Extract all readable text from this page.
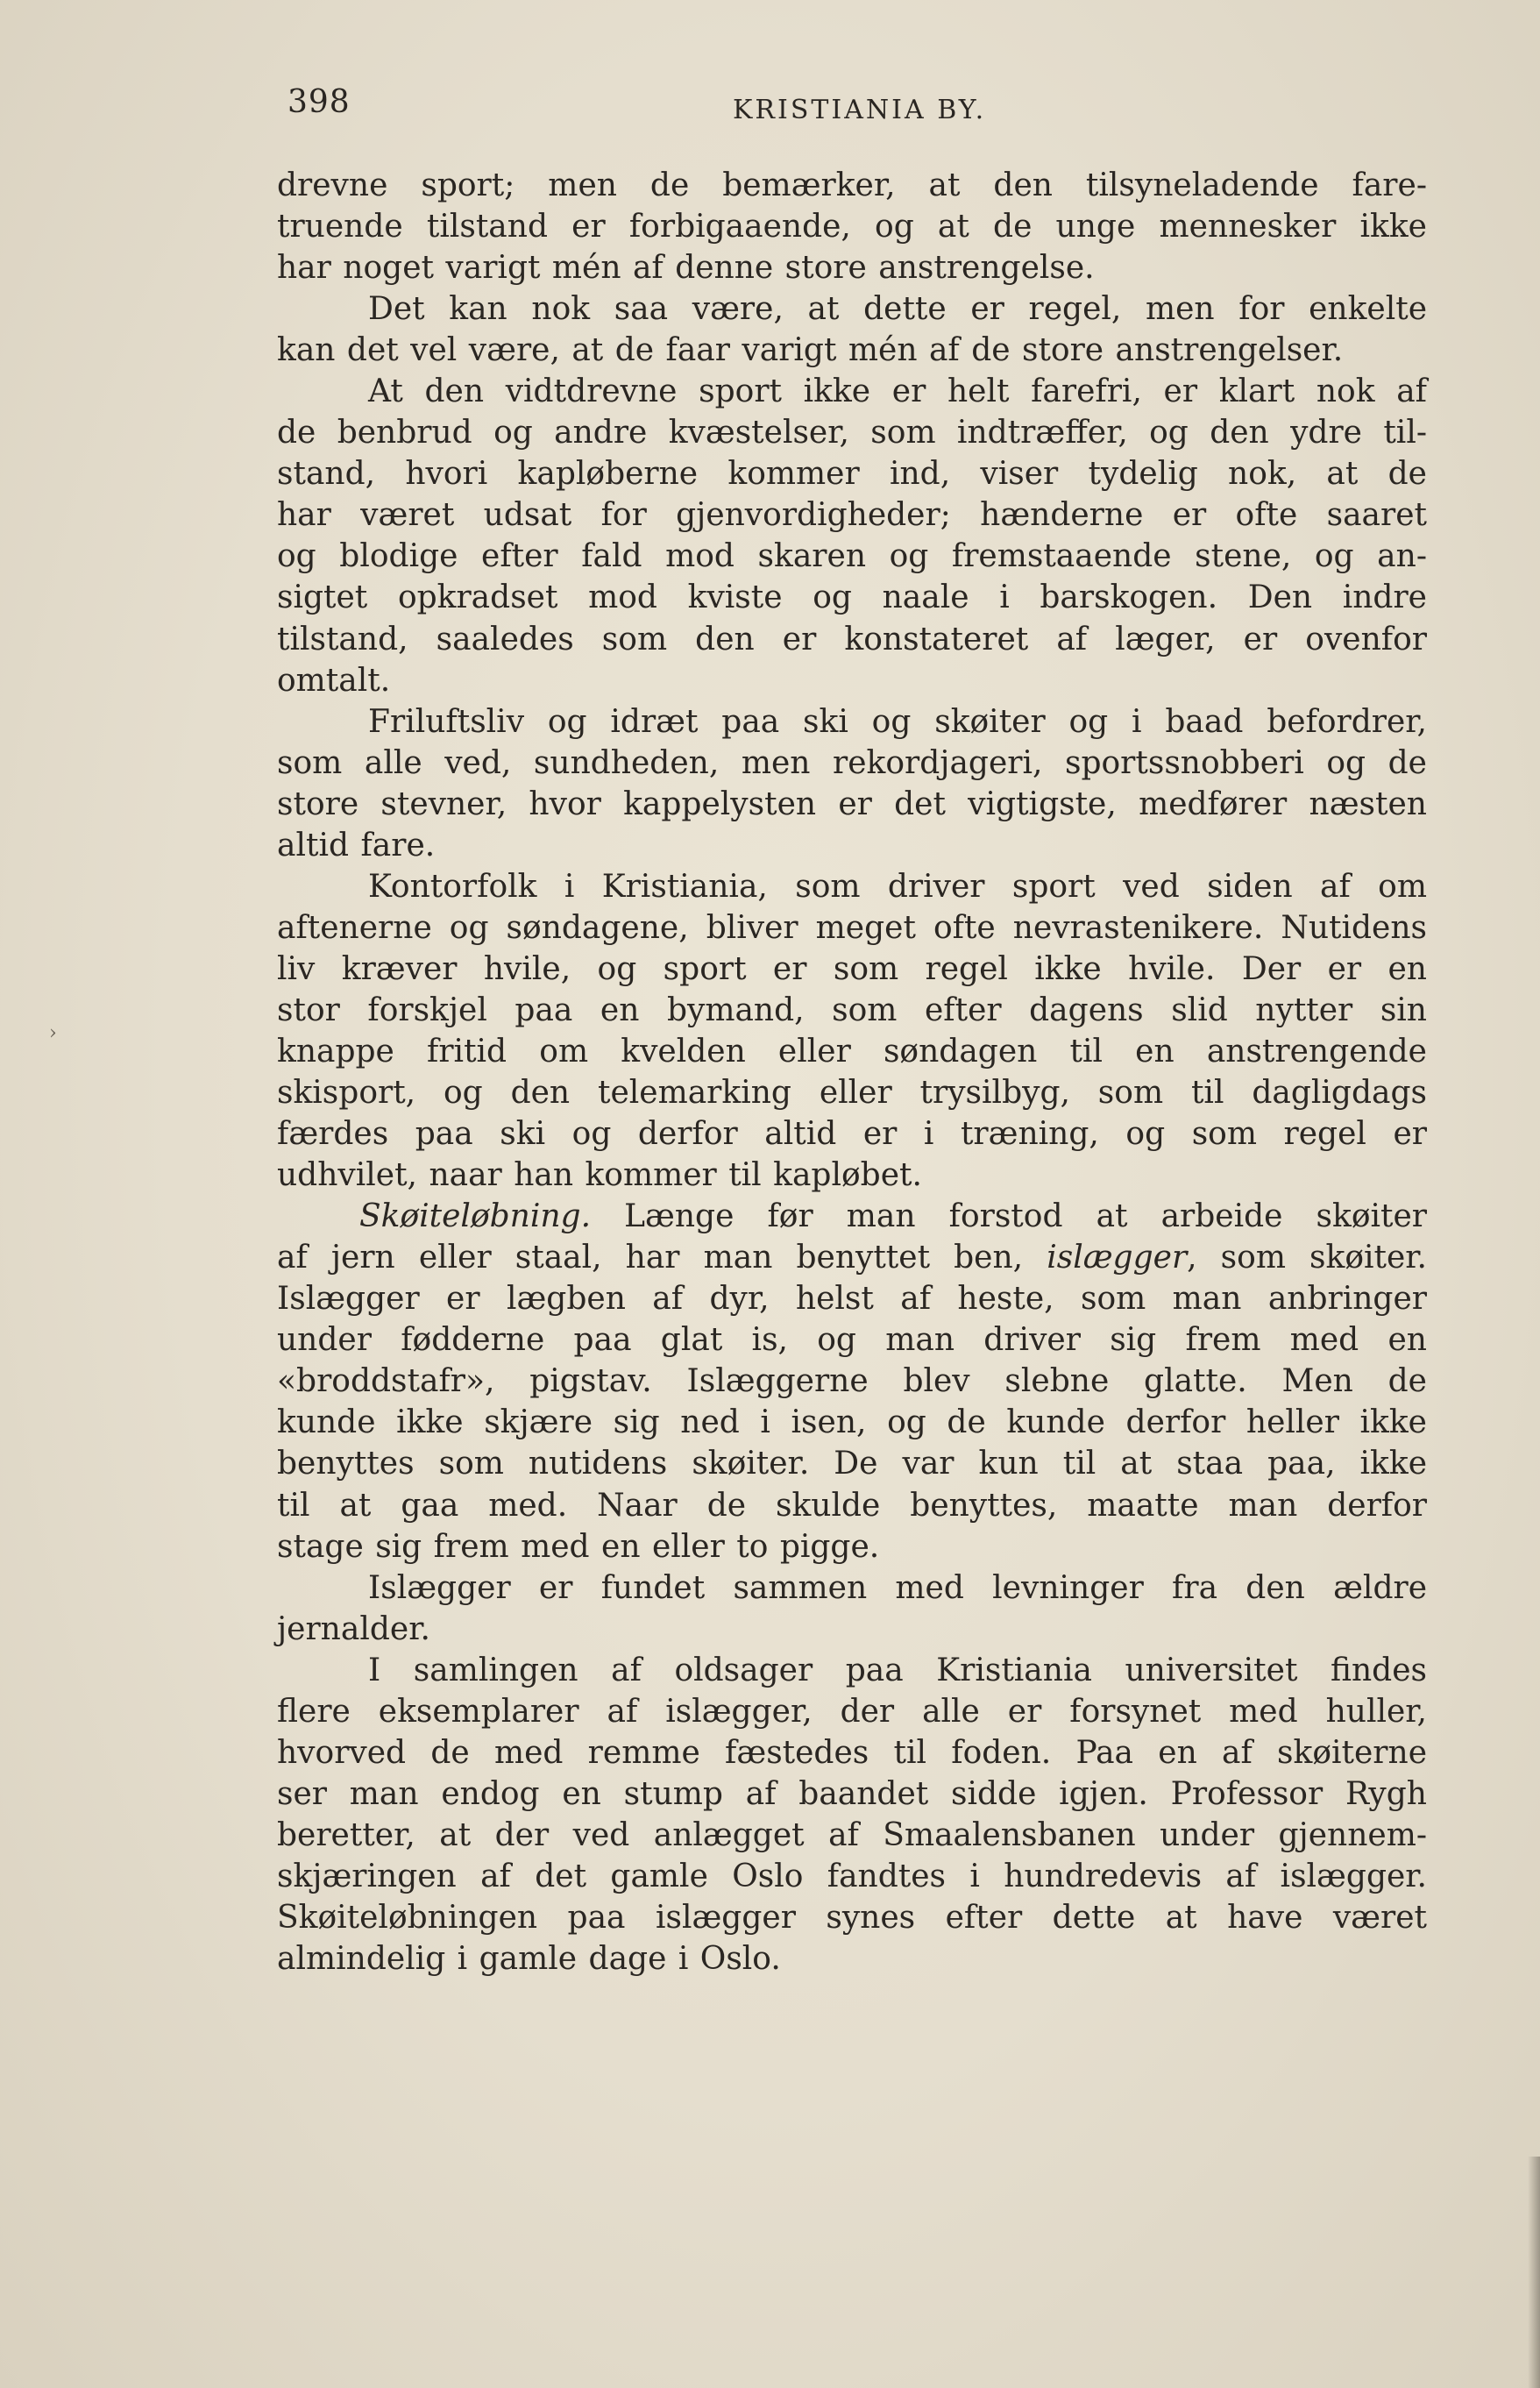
398	KRISTIANIA BY.
›
drevne sport; men de bemærker, at den tilsyneladende fare-
truende tilstand er forbigaaende, og at de unge mennesker ikke
har noget varigt mén af denne store anstrengelse.
Det kan nok saa være, at dette er regel, men for enkelte
kan det vel være, at de faar varigt mén af de store anstrengelser.
At den vidtdrevne sport ikke er helt farefri, er klart nok af
de benbrud og andre kvæstelser, som indtræffer, og den ydre til-
stand, hvori kapløberne kommer ind, viser tydelig nok, at de
har været udsat for gjenvordigheder; hænderne er ofte saaret
og blodige efter fald mod skaren og fremstaaende stene, og an-
sigtet opkradset mod kviste og naale i barskogen. Den indre
tilstand, saaledes som den er konstateret af læger, er ovenfor
omtalt.
Friluftsliv og idræt paa ski og skøiter og i baad befordrer,
som alle ved, sundheden, men rekordjageri, sportssnobberi og de
store stevner, hvor kappelysten er det vigtigste, medfører næsten
altid fare.
Kontorfolk i Kristiania, som driver sport ved siden af om
aftenerne og søndagene, bliver meget ofte nevrastenikere. Nutidens
liv kræver hvile, og sport er som regel ikke hvile. Der er en
stor forskjel paa en bymand, som efter dagens slid nytter sin
knappe fritid om kvelden eller søndagen til en anstrengende
skisport, og den telemarking eller trysilbyg, som til dagligdags
færdes paa ski og derfor altid er i træning, og som regel er
udhvilet, naar han kommer til kapløbet.
Skøiteløbning. Længe før man forstod at arbeide skøiter
af jern eller staal, har man benyttet ben, islægger, som skøiter.
Islægger er lægben af dyr, helst af heste, som man anbringer
under fødderne paa glat is, og man driver sig frem med en
«broddstafr», pigstav. Islæggerne blev slebne glatte. Men de
kunde ikke skjære sig ned i isen, og de kunde derfor heller ikke
benyttes som nutidens skøiter. De var kun til at staa paa, ikke
til at gaa med. Naar de skulde benyttes, maatte man derfor
stage sig frem med en eller to pigge.
Islægger er fundet sammen med levninger fra den ældre
jernalder.
I samlingen af oldsager paa Kristiania universitet findes
flere eksemplarer af islægger, der alle er forsynet med huller,
hvorved de med remme fæstedes til foden. Paa en af skøiterne
ser man endog en stump af baandet sidde igjen. Professor Rygh
beretter, at der ved anlægget af Smaalensbanen under gjennem-
skjæringen af det gamle Oslo fandtes i hundredevis af islægger.
Skøiteløbningen paa islægger synes efter dette at have været
almindelig i gamle dage i Oslo.
